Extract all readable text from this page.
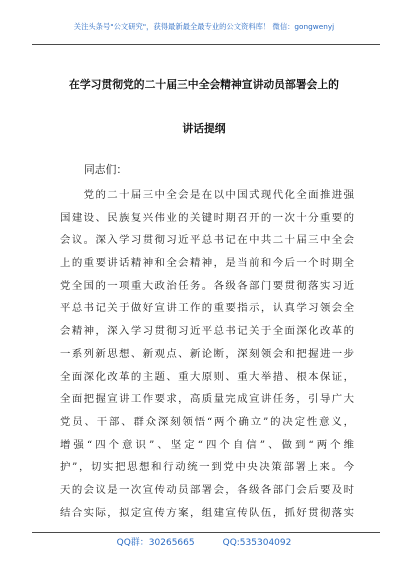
关注头条号"公文研究"，获得最新最全最专业的公文资料库！ 微信：gongwenyj
在学习贯彻党的二十届三中全会精神宣讲动员部署会上的
讲话提纲
同志们：
　　党的二十届三中全会是在以中国式现代化全面推进强
国建设、民族复兴伟业的关键时期召开的一次十分重要的
会议。深入学习贯彻习近平总书记在中共二十届三中全会
上的重要讲话精神和全会精神，是当前和今后一个时期全
党全国的一项重大政治任务。各级各部门要贯彻落实习近
平总书记关于做好宣讲工作的重要指示，认真学习领会全
会精神，深入学习贯彻习近平总书记关于全面深化改革的
一系列新思想、新观点、新论断，深刻领会和把握进一步
全面深化改革的主题、重大原则、重大举措、根本保证，
全面把握宣讲工作要求，高质量完成宣讲任务，引导广大
党员、干部、群众深刻领悟“两个确立”的决定性意义，
增强“四个意识”、坚定“四个自信”、做到“两个维
护”，切实把思想和行动统一到党中央决策部署上来。今
天的会议是一次宣传动员部署会，各级各部门会后要及时
结合实际，拟定宣传方案，组建宣传队伍，抓好贯彻落实
QQ群：30265665	QQ:535304092
